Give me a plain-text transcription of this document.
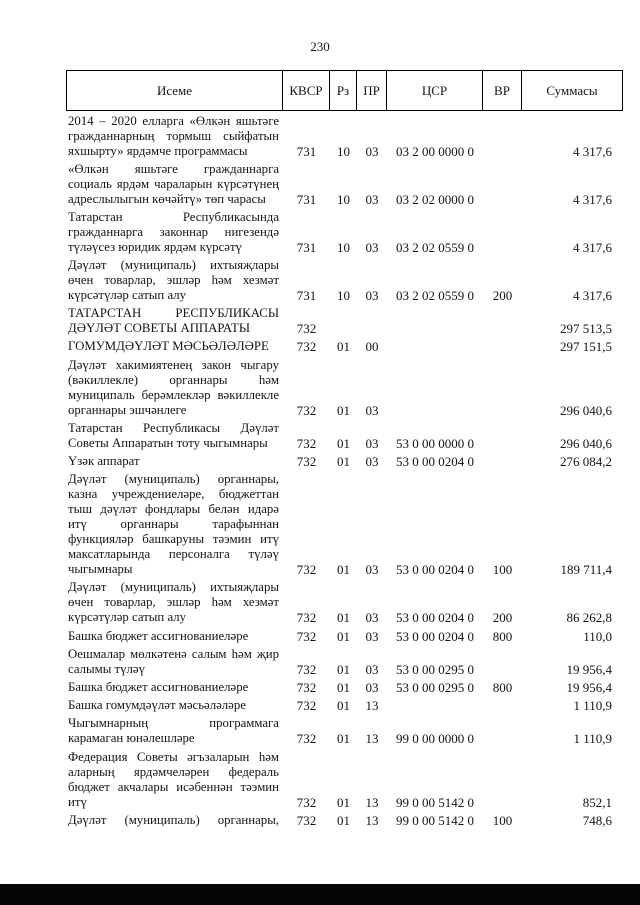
230
Исеме	КВСР	Рз	ПР	ЦСР	ВР	Суммасы
2014 – 2020 елларга «Өлкән яшьтәге
гражданнарның тормыш сыйфатын
яхшырту» ярдәмче программасы	731	10	03	03 2 00 0000 0	4 317,6
«Өлкән яшьтәге гражданнарга
социаль ярдәм чараларын күрсәтүнең
адреслылыгын көчәйтү» төп чарасы	731	10	03	03 2 02 0000 0	4 317,6
Татарстан Республикасында
гражданнарга законнар нигезендә
түләүсез юридик ярдәм күрсәтү	731	10	03	03 2 02 0559 0	4 317,6
Дәүләт (муниципаль) ихтыяҗлары
өчен товарлар, эшләр һәм хезмәт
күрсәтүләр сатып алу	731	10	03	03 2 02 0559 0	200	4 317,6
ТАТАРСТАН РЕСПУБЛИКАСЫ
ДӘҮЛӘТ СОВЕТЫ АППАРАТЫ	732	297 513,5
ГОМУМДӘҮЛӘТ МӘСЬӘЛӘЛӘРЕ	732	01	00	297 151,5
Дәүләт хакимиятенең закон чыгару
(вәкиллекле) органнары һәм
муниципаль берәмлекләр вәкиллекле
органнары эшчәнлеге	732	01	03	296 040,6
Татарстан Республикасы Дәүләт
Советы Аппаратын тоту чыгымнары	732	01	03	53 0 00 0000 0	296 040,6
Үзәк аппарат	732	01	03	53 0 00 0204 0	276 084,2
Дәүләт (муниципаль) органнары,
казна учреждениеләре, бюджеттан
тыш дәүләт фондлары белән идарә
итү органнары тарафыннан
функцияләр башкаруны тәэмин итү
максатларында персоналга түләү
чыгымнары	732	01	03	53 0 00 0204 0	100	189 711,4
Дәүләт (муниципаль) ихтыяҗлары
өчен товарлар, эшләр һәм хезмәт
күрсәтүләр сатып алу	732	01	03	53 0 00 0204 0	200	86 262,8
Башка бюджет ассигнованиеләре	732	01	03	53 0 00 0204 0	800	110,0
Оешмалар мөлкәтенә салым һәм җир
салымы түләү	732	01	03	53 0 00 0295 0	19 956,4
Башка бюджет ассигнованиеләре	732	01	03	53 0 00 0295 0	800	19 956,4
Башка гомумдәүләт мәсьәләләре	732	01	13	1 110,9
Чыгымнарның программага
карамаган юнәлешләре	732	01	13	99 0 00 0000 0	1 110,9
Федерация Советы әгъзаларын һәм
аларның ярдәмчеләрен федераль
бюджет акчалары исәбеннән тәэмин
итү	732	01	13	99 0 00 5142 0	852,1
Дәүләт (муниципаль) органнары,	732	01	13	99 0 00 5142 0	100	748,6
